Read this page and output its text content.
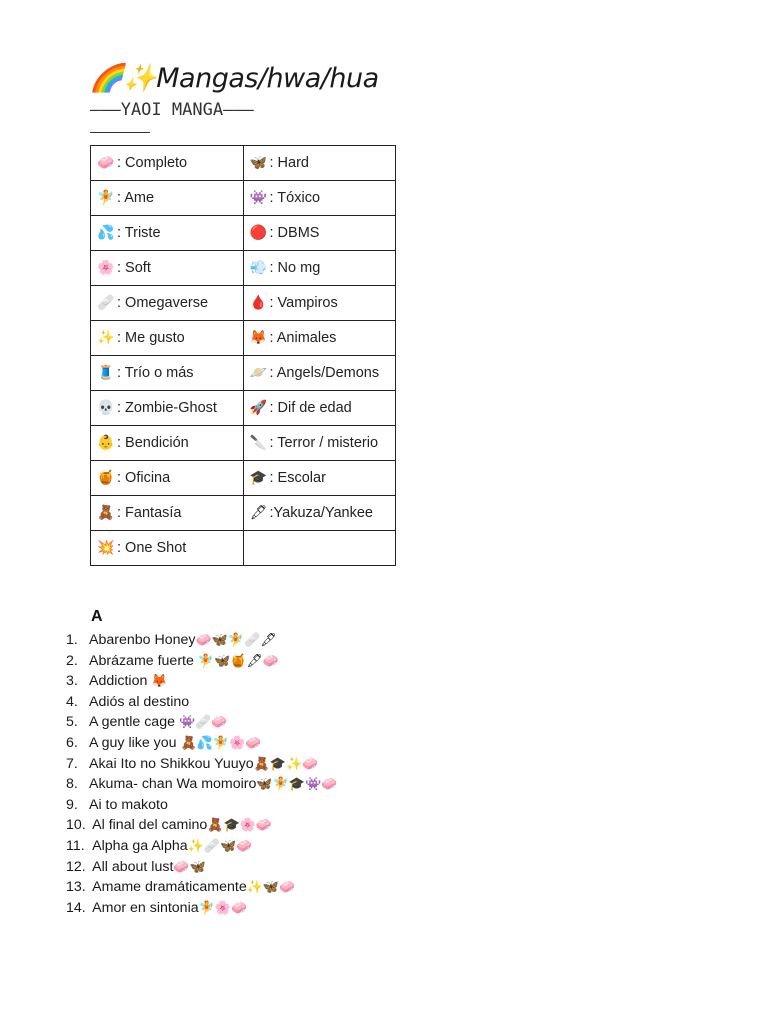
🌈✨Mangas/hwa/hua
———YAOI MANGA———
🧼 : Completo	🦋 : Hard
🧚 : Ame	👾 : Tóxico
💦 : Triste	🔴 : DBMS
🌸 : Soft	💨 : No mg
🩹 : Omegaverse	🩸 : Vampiros
✨ : Me gusto	🦊 : Animales
🧵 : Trío o más	🪐 : Angels/Demons
💀 : Zombie-Ghost	🚀 : Dif de edad
👶 : Bendición	🔪 : Terror / misterio
🍯 : Oficina	🎓 : Escolar
🧸 : Fantasía	🖋 :Yakuza/Yankee
💥 : One Shot	
A
1. Abarenbo Honey🧼🦋🧚🩹🖋
2. Abrázame fuerte 🧚🦋🍯🖋🧼
3. Addiction 🦊
4. Adiós al destino
5. A gentle cage 👾🩹🧼
6. A guy like you 🧸💦🧚🌸🧼
7. Akai Ito no Shikkou Yuuyo🧸🎓✨🧼
8. Akuma- chan Wa momoiro🦋🧚🎓👾🧼
9. Ai to makoto
10. Al final del camino🧸🎓🌸🧼
11. Alpha ga Alpha✨🩹🦋🧼
12. All about lust🧼🦋
13. Amame dramáticamente✨🦋🧼
14. Amor en sintonia🧚🌸🧼
